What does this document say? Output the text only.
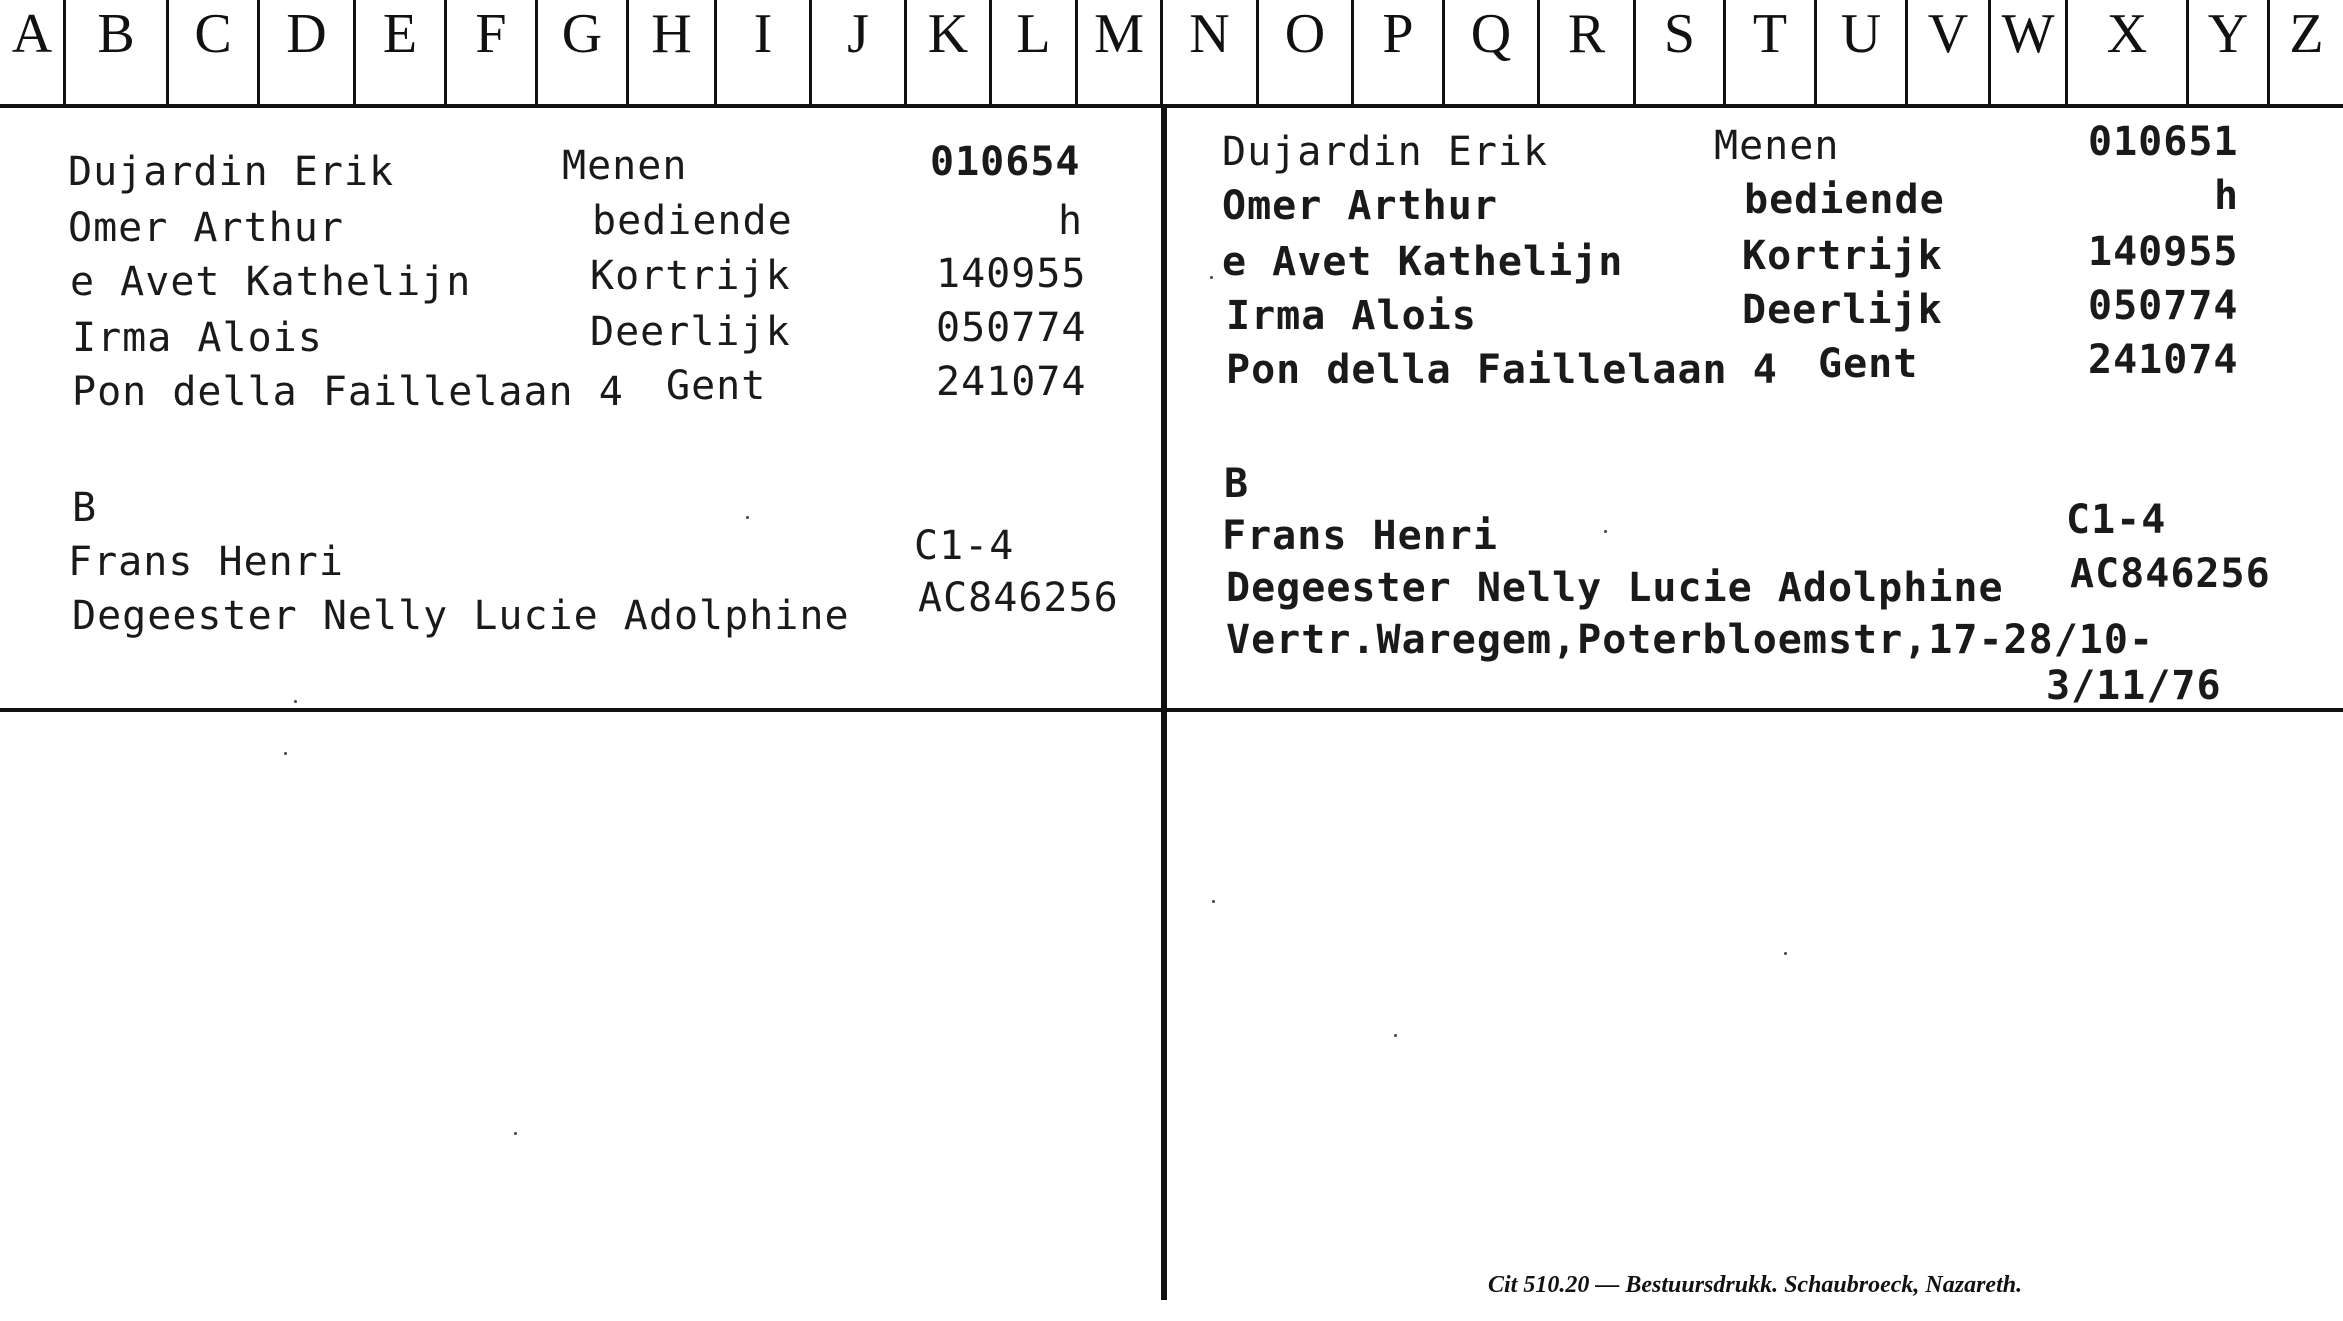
A B	C D	E	F G H	I	J	K L M N O	P	Q	R	S	T U V W X	Y Z
Dujardin Erik	Menen	010654
Omer Arthur	bediende	h
e Avet Kathelijn	Kortrijk	140955
Irma Alois	Deerlijk	050774
Pon della Faillelaan 4 Gent	241074
B
Frans Henri	C1-4
Degeester Nelly Lucie Adolphine AC846256
Dujardin Erik	Menen	010651
Omer Arthur	bediende	h
e Avet Kathelijn	Kortrijk	140955
Irma Alois	Deerlijk	050774
Pon della Faillelaan 4 Gent	241074
B
Frans Henri	C1-4
Degeester Nelly Lucie Adolphine AC846256
Vertr.Waregem,Poterbloemstr,17-28/10-
3/11/76
Cit 510.20 — Bestuursdrukk. Schaubroeck, Nazareth.
